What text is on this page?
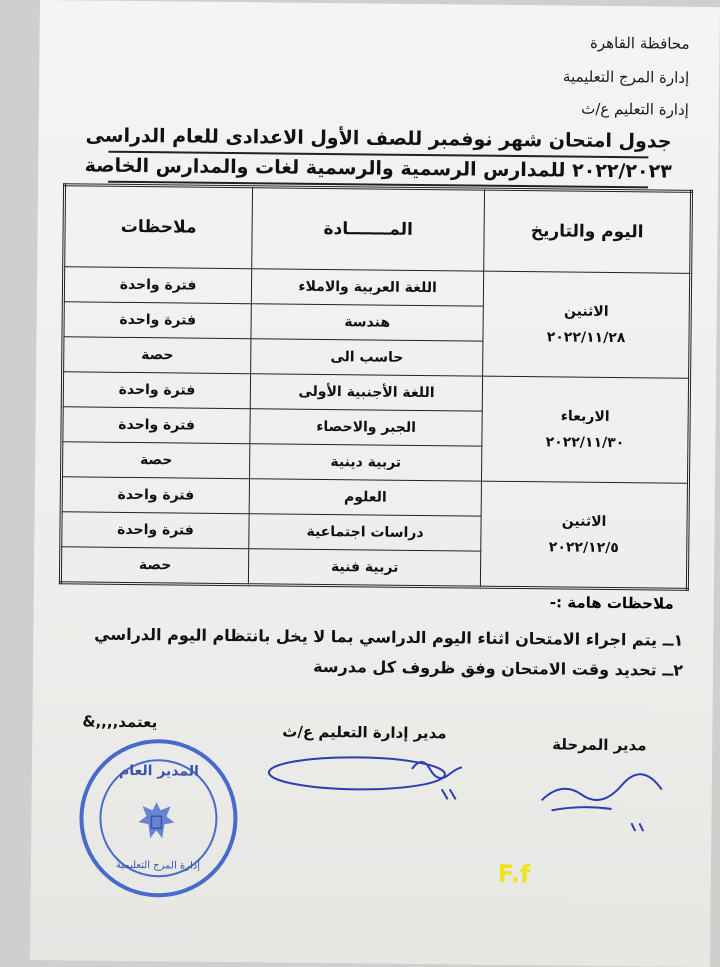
محافظة القاهرة
إدارة المرج التعليمية
إدارة التعليم ع/ث
جدول امتحان شهر نوفمبر للصف الأول الاعدادى للعام الدراسى
٢٠٢٢/٢٠٢٣ للمدارس الرسمية والرسمية لغات والمدارس الخاصة
اليوم والتاريخ	المـــــــادة	ملاحظات

الاثنين
٢٠٢٢/١١/٢٨	اللغة العربية والاملاء	فترة واحدة
	هندسة	فترة واحدة
	حاسب الى	حصة

الاربعاء
٢٠٢٢/١١/٣٠	اللغة الأجنبية الأولى	فترة واحدة
	الجبر والاحصاء	فترة واحدة
	تربية دينية	حصة

الاثنين
٢٠٢٢/١٢/٥	العلوم	فترة واحدة
	دراسات اجتماعية	فترة واحدة
	تربية فنية	حصة
ملاحظات هامة :-
١ــ يتم اجراء الامتحان اثناء اليوم الدراسي بما لا يخل بانتظام اليوم الدراسي
٢ــ تحديد وقت الامتحان وفق ظروف كل مدرسة
يعتمد,,,,&
مدير إدارة التعليم ع/ث
مدير المرحلة
المدير العام
إدارة المرج التعليمية	F.f
